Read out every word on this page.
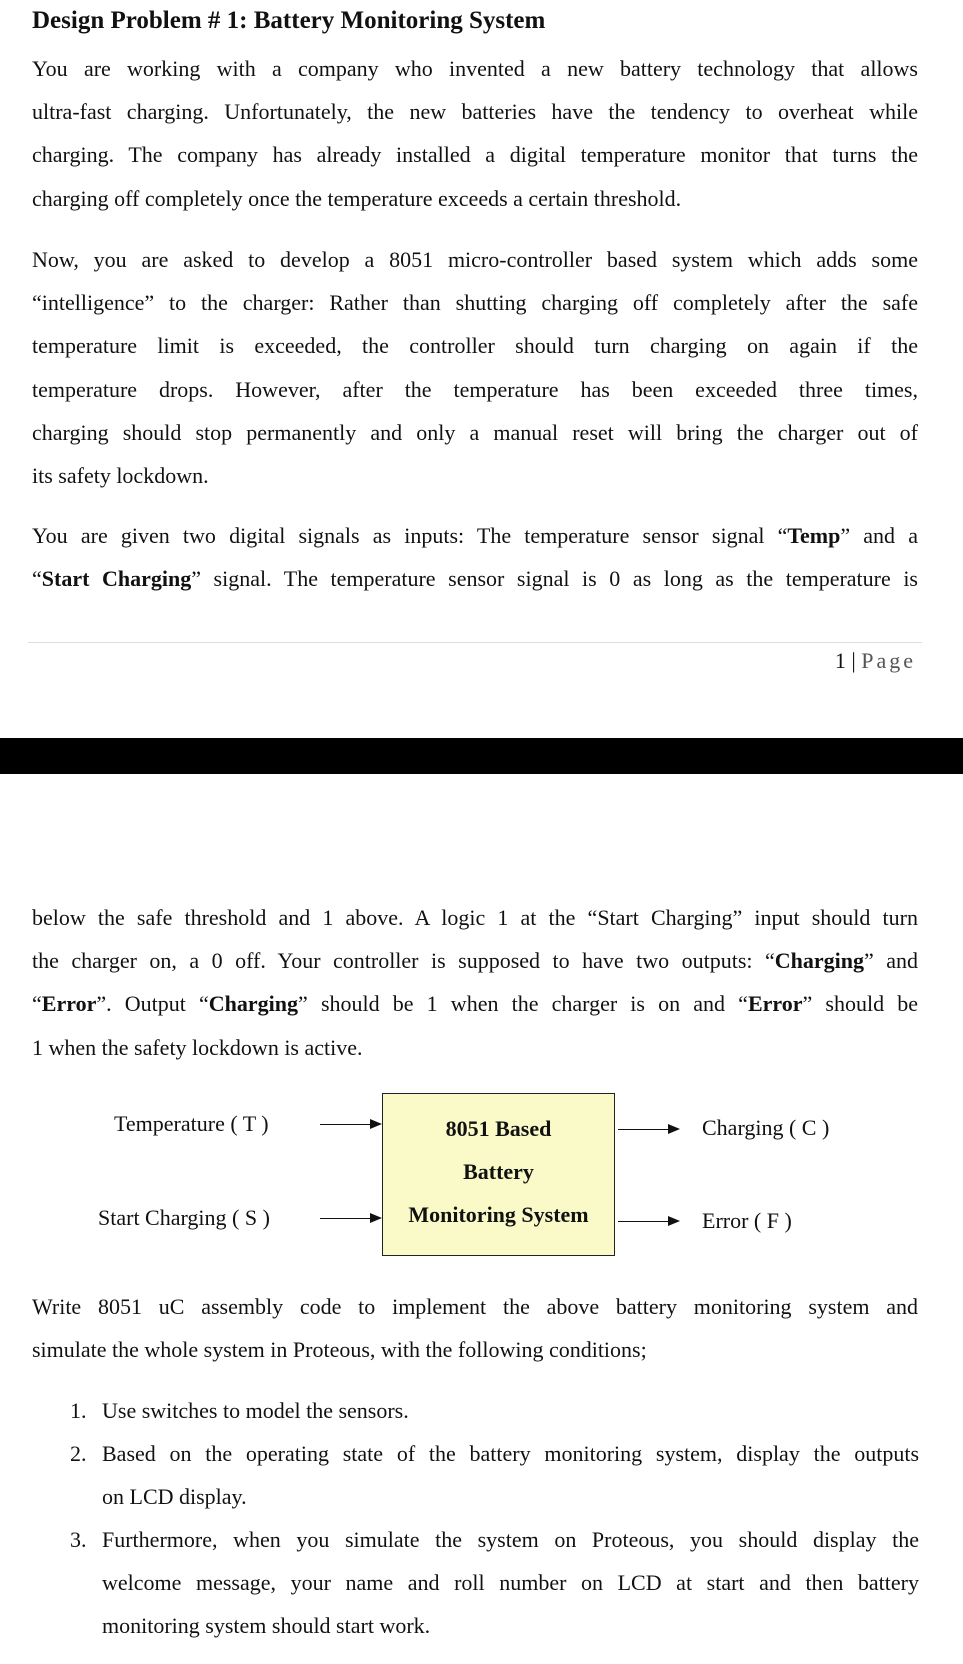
Design Problem # 1: Battery Monitoring System
You are working with a company who invented a new battery technology that allows
ultra-fast charging. Unfortunately, the new batteries have the tendency to overheat while
charging. The company has already installed a digital temperature monitor that turns the
charging off completely once the temperature exceeds a certain threshold.
Now, you are asked to develop a 8051 micro-controller based system which adds some
“intelligence” to the charger: Rather than shutting charging off completely after the safe
temperature limit is exceeded, the controller should turn charging on again if the
temperature drops. However, after the temperature has been exceeded three times,
charging should stop permanently and only a manual reset will bring the charger out of
its safety lockdown.
You are given two digital signals as inputs: The temperature sensor signal “Temp” and a
“Start Charging” signal. The temperature sensor signal is 0 as long as the temperature is
1 | Page
below the safe threshold and 1 above. A logic 1 at the “Start Charging” input should turn
the charger on, a 0 off. Your controller is supposed to have two outputs: “Charging” and
“Error”. Output “Charging” should be 1 when the charger is on and “Error” should be
1 when the safety lockdown is active.
Temperature ( T )
Start Charging ( S )
8051 Based
Battery
Monitoring System
Charging ( C )
Error ( F )
Write 8051 uC assembly code to implement the above battery monitoring system and
simulate the whole system in Proteous, with the following conditions;
1. Use switches to model the sensors.
2. Based on the operating state of the battery monitoring system, display the outputs
on LCD display.
3. Furthermore, when you simulate the system on Proteous, you should display the
welcome message, your name and roll number on LCD at start and then battery
monitoring system should start work.
